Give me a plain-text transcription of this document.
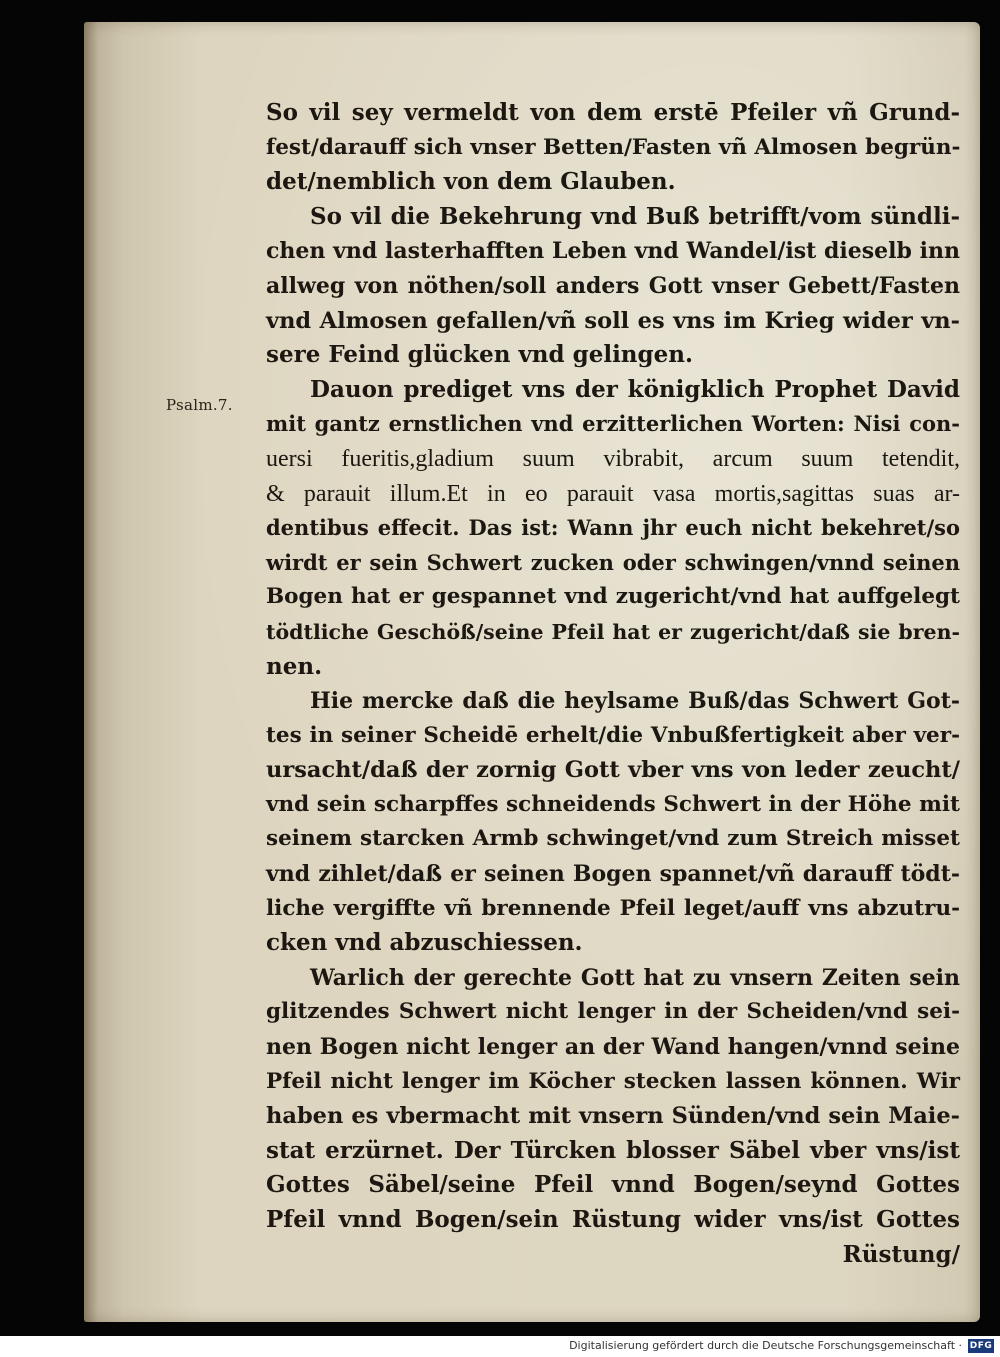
Psalm.7.
So vil sey vermeldt von dem erstē Pfeiler vñ Grund-
fest/darauff sich vnser Betten/Fasten vñ Almosen begrün-
det/nemblich von dem Glauben.
So vil die Bekehrung vnd Buß betrifft/vom sündli-
chen vnd lasterhafften Leben vnd Wandel/ist dieselb inn
allweg von nöthen/soll anders Gott vnser Gebett/Fasten
vnd Almosen gefallen/vñ soll es vns im Krieg wider vn-
sere Feind glücken vnd gelingen.
Dauon prediget vns der königklich Prophet David
mit gantz ernstlichen vnd erzitterlichen Worten: Nisi con-
uersi fueritis,gladium suum vibrabit, arcum suum tetendit,
& parauit illum.Et in eo parauit vasa mortis,sagittas suas ar-
dentibus effecit. Das ist: Wann jhr euch nicht bekehret/so
wirdt er sein Schwert zucken oder schwingen/vnnd seinen
Bogen hat er gespannet vnd zugericht/vnd hat auffgelegt
tödtliche Geschöß/seine Pfeil hat er zugericht/daß sie bren-
nen.
Hie mercke daß die heylsame Buß/das Schwert Got-
tes in seiner Scheidē erhelt/die Vnbußfertigkeit aber ver-
ursacht/daß der zornig Gott vber vns von leder zeucht/
vnd sein scharpffes schneidends Schwert in der Höhe mit
seinem starcken Armb schwinget/vnd zum Streich misset
vnd zihlet/daß er seinen Bogen spannet/vñ darauff tödt-
liche vergiffte vñ brennende Pfeil leget/auff vns abzutru-
cken vnd abzuschiessen.
Warlich der gerechte Gott hat zu vnsern Zeiten sein
glitzendes Schwert nicht lenger in der Scheiden/vnd sei-
nen Bogen nicht lenger an der Wand hangen/vnnd seine
Pfeil nicht lenger im Köcher stecken lassen können. Wir
haben es vbermacht mit vnsern Sünden/vnd sein Maie-
stat erzürnet. Der Türcken blosser Säbel vber vns/ist
Gottes Säbel/seine Pfeil vnnd Bogen/seynd Gottes
Pfeil vnnd Bogen/sein Rüstung wider vns/ist Gottes
Rüstung/
Digitalisierung gefördert durch die Deutsche Forschungsgemeinschaft · DFG
